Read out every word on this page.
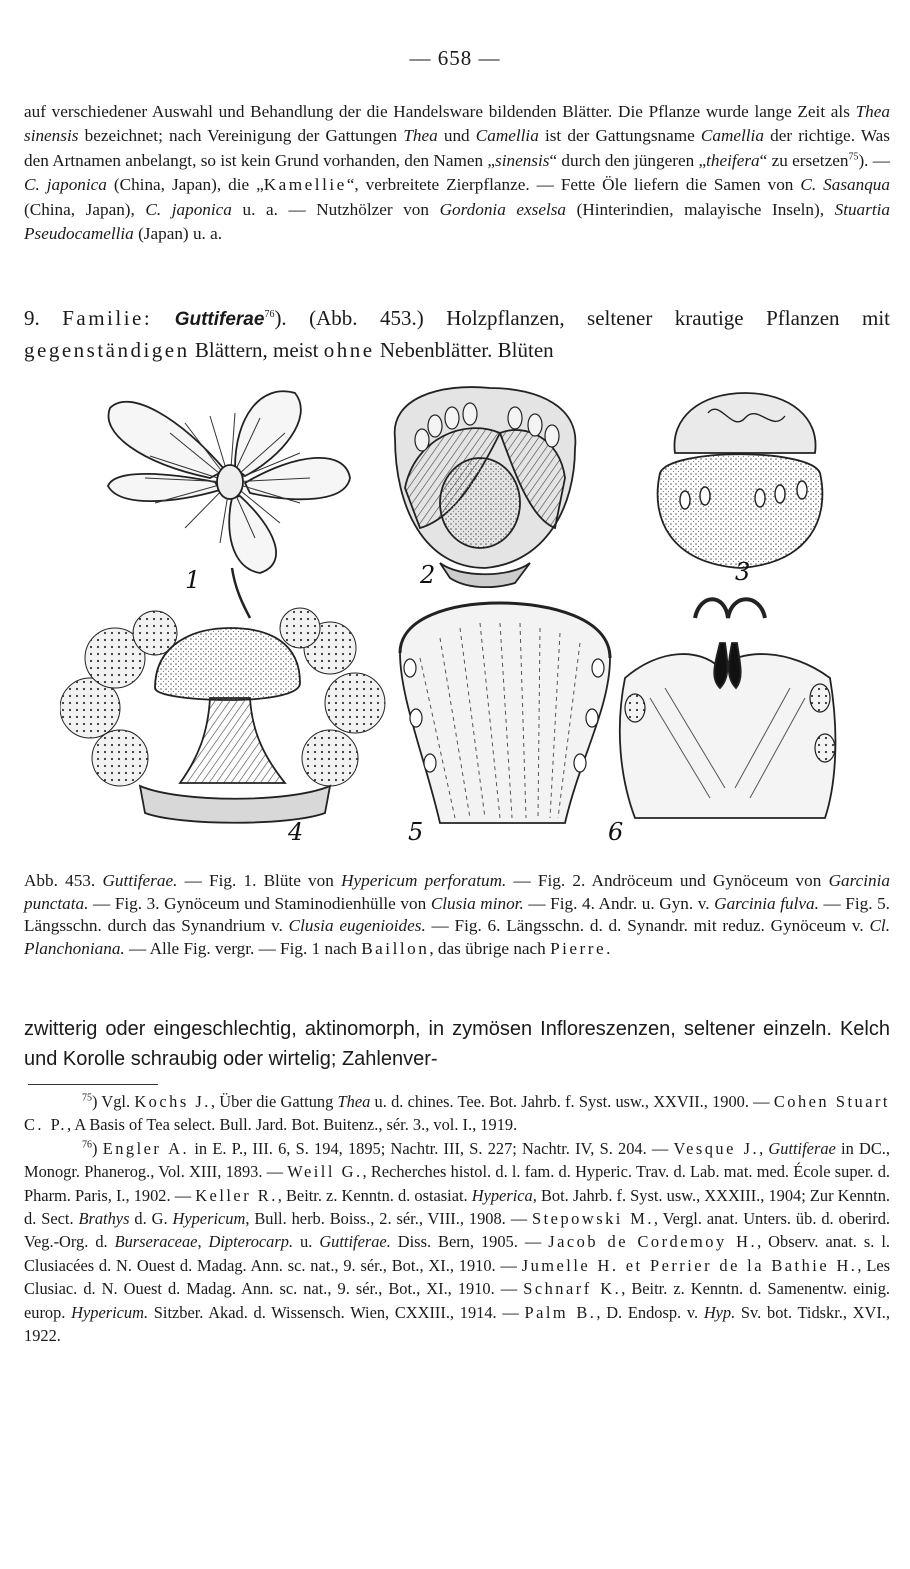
— 658 —
auf verschiedener Auswahl und Behandlung der die Handelsware bildenden Blätter. Die Pflanze wurde lange Zeit als Thea sinensis bezeichnet; nach Vereinigung der Gattungen Thea und Camellia ist der Gattungsname Camellia der richtige. Was den Artnamen anbelangt, so ist kein Grund vorhanden, den Namen „sinensis“ durch den jüngeren „theifera“ zu ersetzen$^{75}$). — C. japonica (China, Japan), die „Kamellie“, verbreitete Zierpflanze. — Fette Öle liefern die Samen von C. Sasanqua (China, Japan), C. japonica u. a. — Nutzhölzer von Gordonia exselsa (Hinterindien, malayische Inseln), Stuartia Pseudocamellia (Japan) u. a.
9. Familie: Guttiferae$^{76}$). (Abb. 453.) Holzpflanzen, seltener krautige Pflanzen mit gegenständigen Blättern, meist ohne Nebenblätter. Blüten
1	2	3
4	5	6
Abb. 453. Guttiferae. — Fig. 1. Blüte von Hypericum perforatum. — Fig. 2. Andröceum und Gynöceum von Garcinia punctata. — Fig. 3. Gynöceum und Staminodienhülle von Clusia minor. — Fig. 4. Andr. u. Gyn. v. Garcinia fulva. — Fig. 5. Längsschn. durch das Synandrium v. Clusia eugenioides. — Fig. 6. Längsschn. d. d. Synandr. mit reduz. Gynöceum v. Cl. Planchoniana. — Alle Fig. vergr. — Fig. 1 nach Baillon, das übrige nach Pierre.
zwitterig oder eingeschlechtig, aktinomorph, in zymösen Infloreszenzen, seltener einzeln. Kelch und Korolle schraubig oder wirtelig; Zahlenver-

$^{75}$) Vgl. Kochs J., Über die Gattung Thea u. d. chines. Tee. Bot. Jahrb. f. Syst. usw., XXVII., 1900. — Cohen Stuart C. P., A Basis of Tea select. Bull. Jard. Bot. Buitenz., sér. 3., vol. I., 1919.

$^{76}$) Engler A. in E. P., III. 6, S. 194, 1895; Nachtr. III, S. 227; Nachtr. IV, S. 204. — Vesque J., Guttiferae in DC., Monogr. Phanerog., Vol. XIII, 1893. — Weill G., Recherches histol. d. l. fam. d. Hyperic. Trav. d. Lab. mat. med. École super. d. Pharm. Paris, I., 1902. — Keller R., Beitr. z. Kenntn. d. ostasiat. Hyperica, Bot. Jahrb. f. Syst. usw., XXXIII., 1904; Zur Kenntn. d. Sect. Brathys d. G. Hypericum, Bull. herb. Boiss., 2. sér., VIII., 1908. — Stepowski M., Vergl. anat. Unters. üb. d. oberird. Veg.-Org. d. Burseraceae, Dipterocarp. u. Guttiferae. Diss. Bern, 1905. — Jacob de Cordemoy H., Observ. anat. s. l. Clusiacées d. N. Ouest d. Madag. Ann. sc. nat., 9. sér., Bot., XI., 1910. — Jumelle H. et Perrier de la Bathie H., Les Clusiac. d. N. Ouest d. Madag. Ann. sc. nat., 9. sér., Bot., XI., 1910. — Schnarf K., Beitr. z. Kenntn. d. Samenentw. einig. europ. Hypericum. Sitzber. Akad. d. Wissensch. Wien, CXXIII., 1914. — Palm B., D. Endosp. v. Hyp. Sv. bot. Tidskr., XVI., 1922.
